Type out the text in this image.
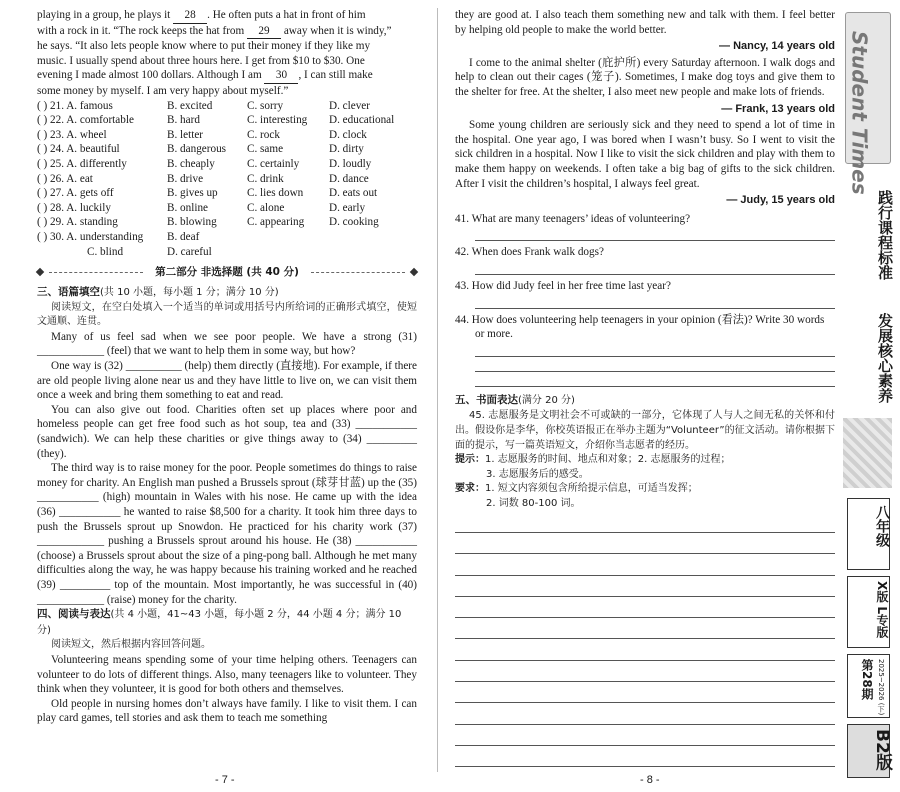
playing in a group, he plays it 28 . He often puts a hat in front of him

with a rock in it. “The rock keeps the hat from 29 away when it is windy,”

he says. “It also lets people know where to put their money if they like my

music. I usually spend about three hours here. I get from $10 to $30. One

evening I made almost 100 dollars. Although I am 30 , I can still make

some money by myself. I am very happy about myself.”

( ) 21. A. famous	B. excited	C. sorry	D. clever
( ) 22. A. comfortable	B. hard	C. interesting	D. educational
( ) 23. A. wheel	B. letter	C. rock	D. clock
( ) 24. A. beautiful	B. dangerous	C. same	D. dirty
( ) 25. A. differently	B. cheaply	C. certainly	D. loudly
( ) 26. A. eat	B. drive	C. drink	D. dance
( ) 27. A. gets off	B. gives up	C. lies down	D. eats out
( ) 28. A. luckily	B. online	C. alone	D. early
( ) 29. A. standing	B. blowing	C. appearing	D. cooking
( ) 30. A. understanding B. deaf
C. blind	D. careful
第二部分 非选择题 (共 40 分)

三、语篇填空(共 10 小题，每小题 1 分；满分 10 分)

阅读短文，在空白处填入一个适当的单词或用括号内所给词的正确形式填空，使短文通顺、连贯。

Many of us feel sad when we see poor people. We have a strong (31) ____________ (feel) that we want to help them in some way, but how?

One way is (32) __________ (help) them directly (直接地). For example, if there are old people living alone near us and they have little to live on, we can visit them once a week and bring them something to eat and read.

You can also give out food. Charities often set up places where poor and homeless people can get free food such as hot soup, tea and (33) ___________ (sandwich). We can help these charities or give things away to (34) _________ (they).

The third way is to raise money for the poor. People sometimes do things to raise money for charity. An English man pushed a Brussels sprout (球芽甘蓝) up the (35) ___________ (high) mountain in Wales with his nose. He came up with the idea (36) ___________ he wanted to raise $8,500 for a charity. It took him three days to push the Brussels sprout up Snowdon. He practiced for his charity work (37) ____________ pushing a Brussels sprout around his house. He (38) ___________ (choose) a Brussels sprout about the size of a ping-pong ball. Although he met many difficulties along the way, he was happy because his training worked and he reached (39) _________ top of the mountain. Most importantly, he was successful in (40) ____________ (raise) money for the charity.

四、阅读与表达(共 4 小题，41~43 小题，每小题 2 分，44 小题 4 分；满分 10 分)

阅读短文，然后根据内容回答问题。

Volunteering means spending some of your time helping others. Teenagers can volunteer to do lots of different things. Also, many teenagers like to volunteer. They think when they volunteer, it is good for both others and themselves.

Old people in nursing homes don’t always have family. I like to visit them. I can play card games, tell stories and ask them to teach me something

- 7 -

they are good at. I also teach them something new and talk with them. I feel better by helping old people to make the world better.

— Nancy, 14 years old

I come to the animal shelter (庇护所) every Saturday afternoon. I walk dogs and help to clean out their cages (笼子). Sometimes, I make dog toys and give them to the shelter for free. At the shelter, I also meet new people and make lots of friends.

— Frank, 13 years old

Some young children are seriously sick and they need to spend a lot of time in the hospital. One year ago, I was bored when I wasn’t busy. So I went to visit the sick children in a hospital. Now I like to visit the sick children and play with them to make them happy on weekends. I often take a big bag of gifts to the sick children. After I visit the children’s hospital, I always feel great.

— Judy, 15 years old

41. What are many teenagers’ ideas of volunteering?

42. When does Frank walk dogs?

43. How did Judy feel in her free time last year?

44. How does volunteering help teenagers in your opinion (看法)? Write 30 words or more.

五、书面表达(满分 20 分)

45. 志愿服务是文明社会不可或缺的一部分，它体现了人与人之间无私的关怀和付出。假设你是李华，你校英语报正在举办主题为“Volunteer”的征文活动。请你根据下面的提示，写一篇英语短文，介绍你当志愿者的经历。

提示：1. 志愿服务的时间、地点和对象；2. 志愿服务的过程；

3. 志愿服务后的感受。

要求：1. 短文内容须包含所给提示信息，可适当发挥；

2. 词数 80-100 词。

- 8 -
Student Times
践行课程标准
发展核心素养
八年级
X版 L专版
第28期 2025~2026 (下)
B2版
